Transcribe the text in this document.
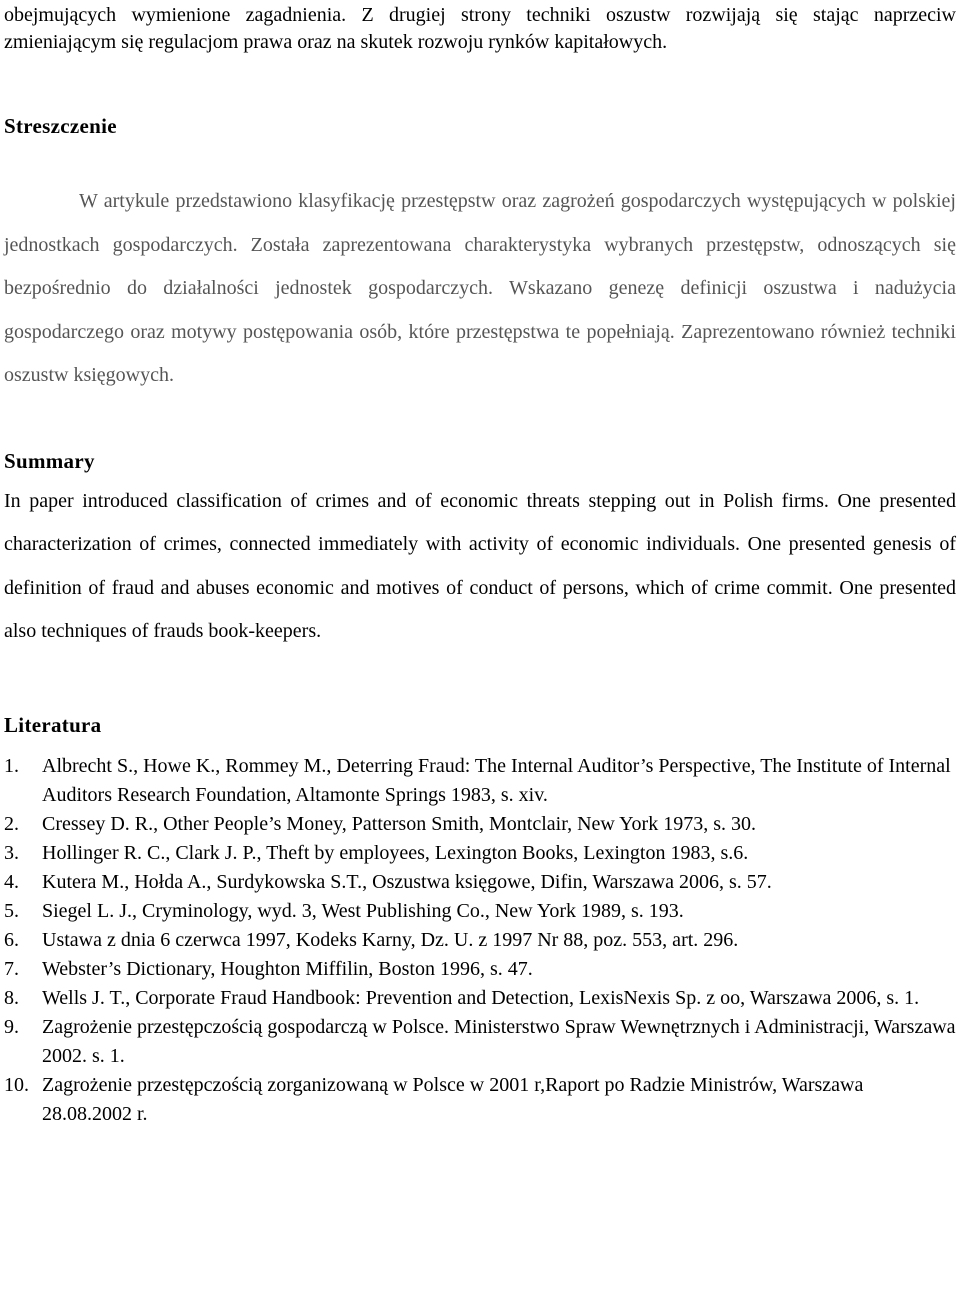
obejmujących wymienione zagadnienia. Z drugiej strony techniki oszustw rozwijają się stając naprzeciw zmieniającym się regulacjom prawa oraz na skutek rozwoju rynków kapitałowych.

Streszczenie

W artykule przedstawiono klasyfikację przestępstw oraz zagrożeń gospodarczych występujących w polskiej jednostkach gospodarczych. Została zaprezentowana charakterystyka wybranych przestępstw, odnoszących się bezpośrednio do działalności jednostek gospodarczych. Wskazano genezę definicji oszustwa i nadużycia gospodarczego oraz motywy postępowania osób, które przestępstwa te popełniają. Zaprezentowano również techniki oszustw księgowych.

Summary

In paper introduced classification of crimes and of economic threats stepping out in Polish firms. One presented characterization of crimes, connected immediately with activity of economic individuals. One presented genesis of definition of fraud and abuses economic and motives of conduct of persons, which of crime commit. One presented also techniques of frauds book-keepers.

Literatura
1. Albrecht S., Howe K., Rommey M., Deterring Fraud: The Internal Auditor’s Perspective, The Institute of Internal Auditors Research Foundation, Altamonte Springs 1983, s. xiv.
2. Cressey D. R., Other People’s Money, Patterson Smith, Montclair, New York 1973, s. 30.
3. Hollinger R. C., Clark J. P., Theft by employees, Lexington Books, Lexington 1983, s.6.
4. Kutera M., Hołda A., Surdykowska S.T., Oszustwa księgowe, Difin, Warszawa 2006, s. 57.
5. Siegel L. J., Cryminology, wyd. 3, West Publishing Co., New York 1989, s. 193.
6. Ustawa z dnia 6 czerwca 1997, Kodeks Karny, Dz. U. z 1997 Nr 88, poz. 553, art. 296.
7. Webster’s Dictionary, Houghton Miffilin, Boston 1996, s. 47.
8. Wells J. T., Corporate Fraud Handbook: Prevention and Detection, LexisNexis Sp. z oo, Warszawa 2006, s. 1.
9. Zagrożenie przestępczością gospodarczą w Polsce. Ministerstwo Spraw Wewnętrznych i Administracji, Warszawa 2002. s. 1.
10. Zagrożenie przestępczością zorganizowaną w Polsce w 2001 r,Raport po Radzie Ministrów, Warszawa 28.08.2002 r.
